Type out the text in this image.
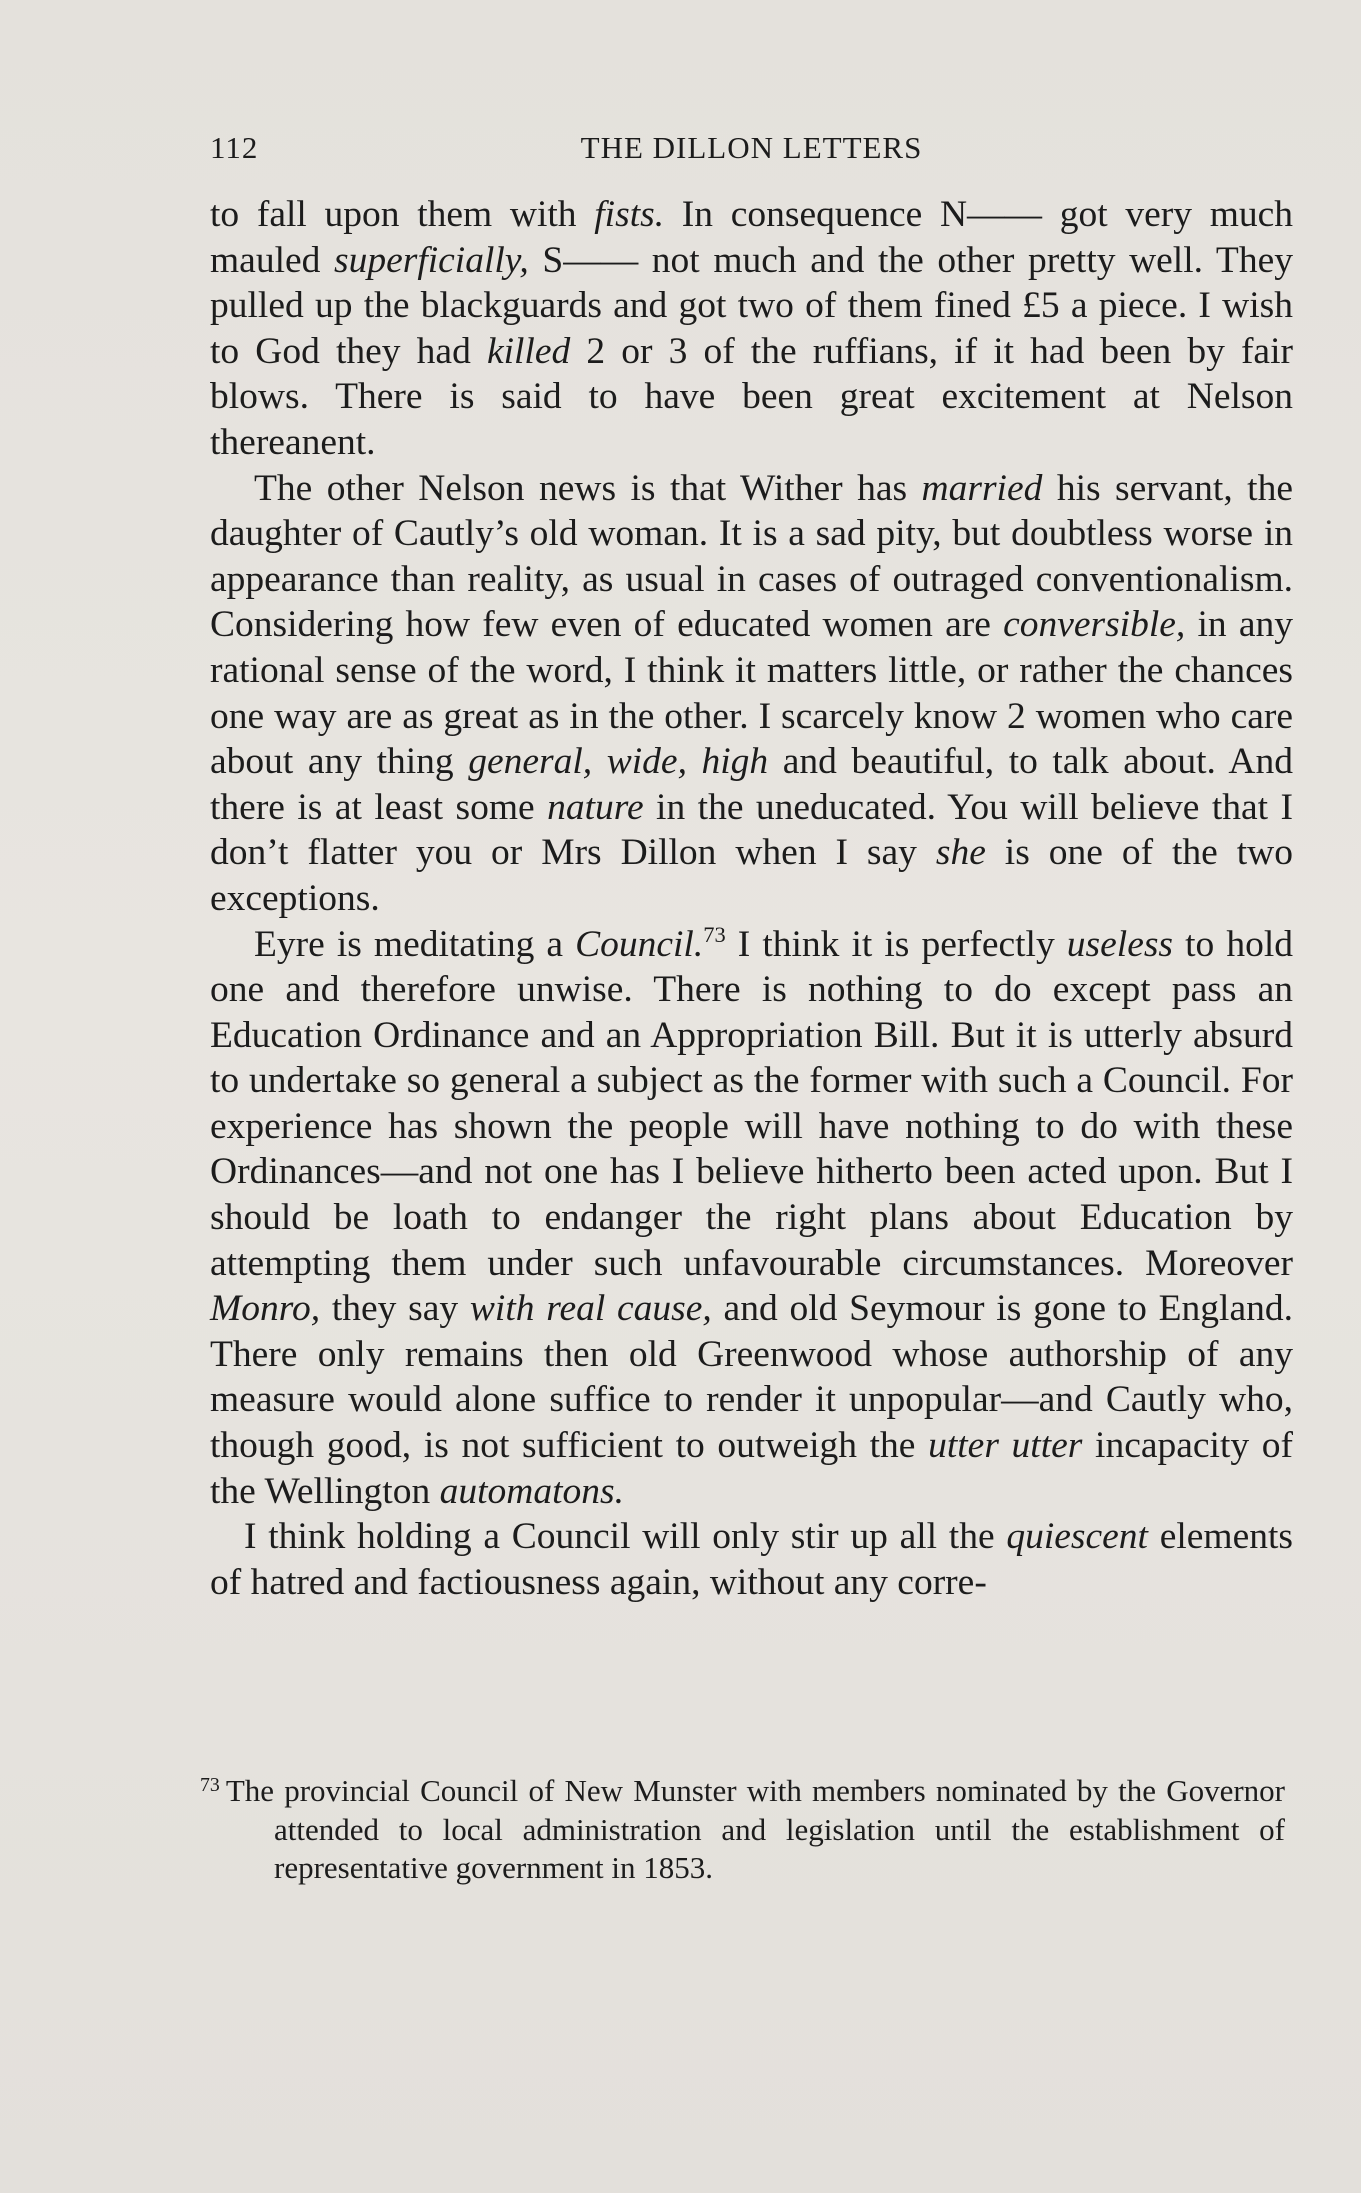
112	THE DILLON LETTERS

to fall upon them with fists. In consequence N—— got very much mauled superficially, S—— not much and the other pretty well. They pulled up the blackguards and got two of them fined £5 a piece. I wish to God they had killed 2 or 3 of the ruffians, if it had been by fair blows. There is said to have been great excitement at Nelson thereanent.

The other Nelson news is that Wither has married his servant, the daughter of Cautly’s old woman. It is a sad pity, but doubtless worse in appearance than reality, as usual in cases of outraged conventionalism. Considering how few even of educated women are conversible, in any rational sense of the word, I think it matters little, or rather the chances one way are as great as in the other. I scarcely know 2 women who care about any thing general, wide, high and beautiful, to talk about. And there is at least some nature in the uneducated. You will believe that I don’t flatter you or Mrs Dillon when I say she is one of the two exceptions.

Eyre is meditating a Council.$^{73}$ I think it is perfectly useless to hold one and therefore unwise. There is nothing to do except pass an Education Ordinance and an Appropriation Bill. But it is utterly absurd to undertake so general a subject as the former with such a Council. For experience has shown the people will have nothing to do with these Ordinances—and not one has I believe hitherto been acted upon. But I should be loath to endanger the right plans about Education by attempting them under such unfavourable circumstances. Moreover Monro, they say with real cause, and old Seymour is gone to England. There only remains then old Greenwood whose authorship of any measure would alone suffice to render it unpopular—and Cautly who, though good, is not sufficient to outweigh the utter utter incapacity of the Wellington automatons.

I think holding a Council will only stir up all the quiescent elements of hatred and factiousness again, without any corre-

$^{73}$ The provincial Council of New Munster with members nominated by the Governor attended to local administration and legislation until the establishment of representative government in 1853.
